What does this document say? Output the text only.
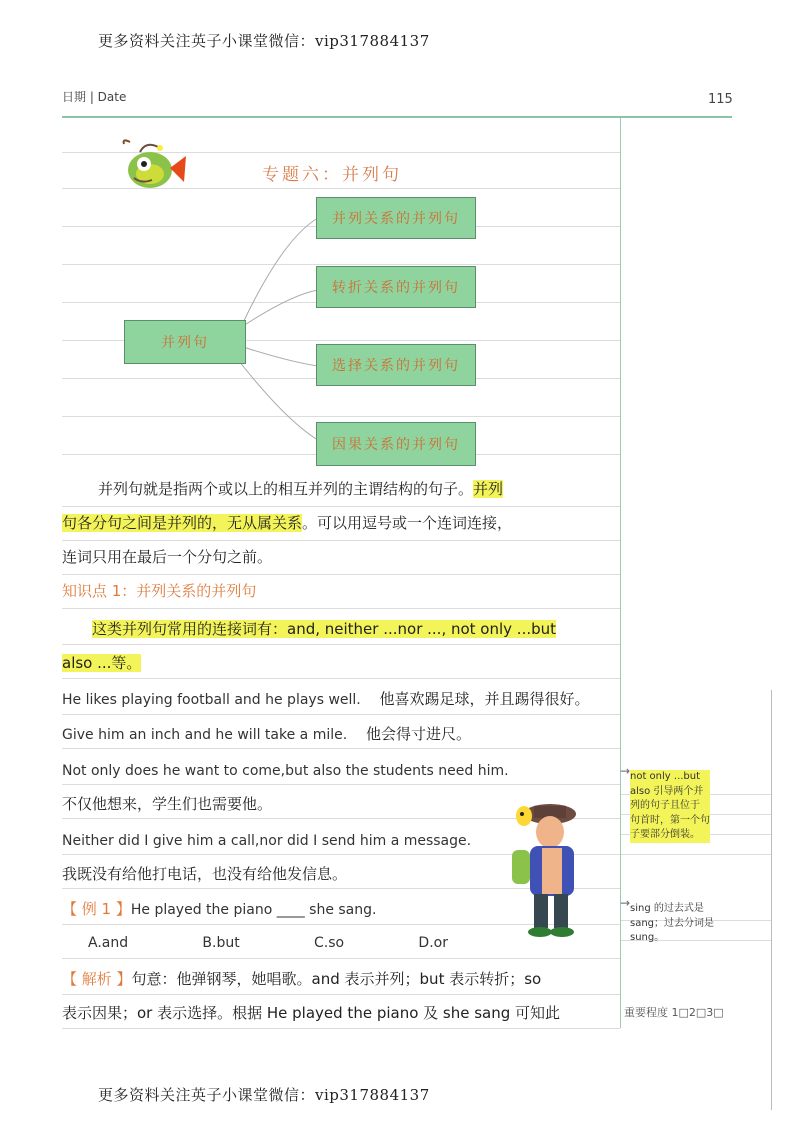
更多资料关注英子小课堂微信：vip317884137
日期 | Date	115
专题六：并列句
并列句
并列关系的并列句
转折关系的并列句
选择关系的并列句
因果关系的并列句
并列句就是指两个或以上的相互并列的主谓结构的句子。并列
句各分句之间是并列的，无从属关系。可以用逗号或一个连词连接，
连词只用在最后一个分句之前。
知识点 1：并列关系的并列句
这类并列句常用的连接词有：and, neither ...nor ..., not only ...but
also ...等。
He likes playing football and he plays well. 他喜欢踢足球，并且踢得很好。
Give him an inch and he will take a mile. 他会得寸进尺。
Not only does he want to come,but also the students need him.
不仅他想来，学生们也需要他。
Neither did I give him a call,nor did I send him a message.
我既没有给他打电话，也没有给他发信息。
【 例 1 】He played the piano ____ she sang.
A.and	B.but	C.so	D.or
【 解析 】句意：他弹钢琴，她唱歌。and 表示并列；but 表示转折；so
表示因果；or 表示选择。根据 He played the piano 及 she sang 可知此
→ not only ...but
also 引导两个并
列的句子且位于
句首时，第一个句
子要部分倒装。
→ sing 的过去式是
sang；过去分词是
sung。
重要程度 1□2□3□
更多资料关注英子小课堂微信：vip317884137
